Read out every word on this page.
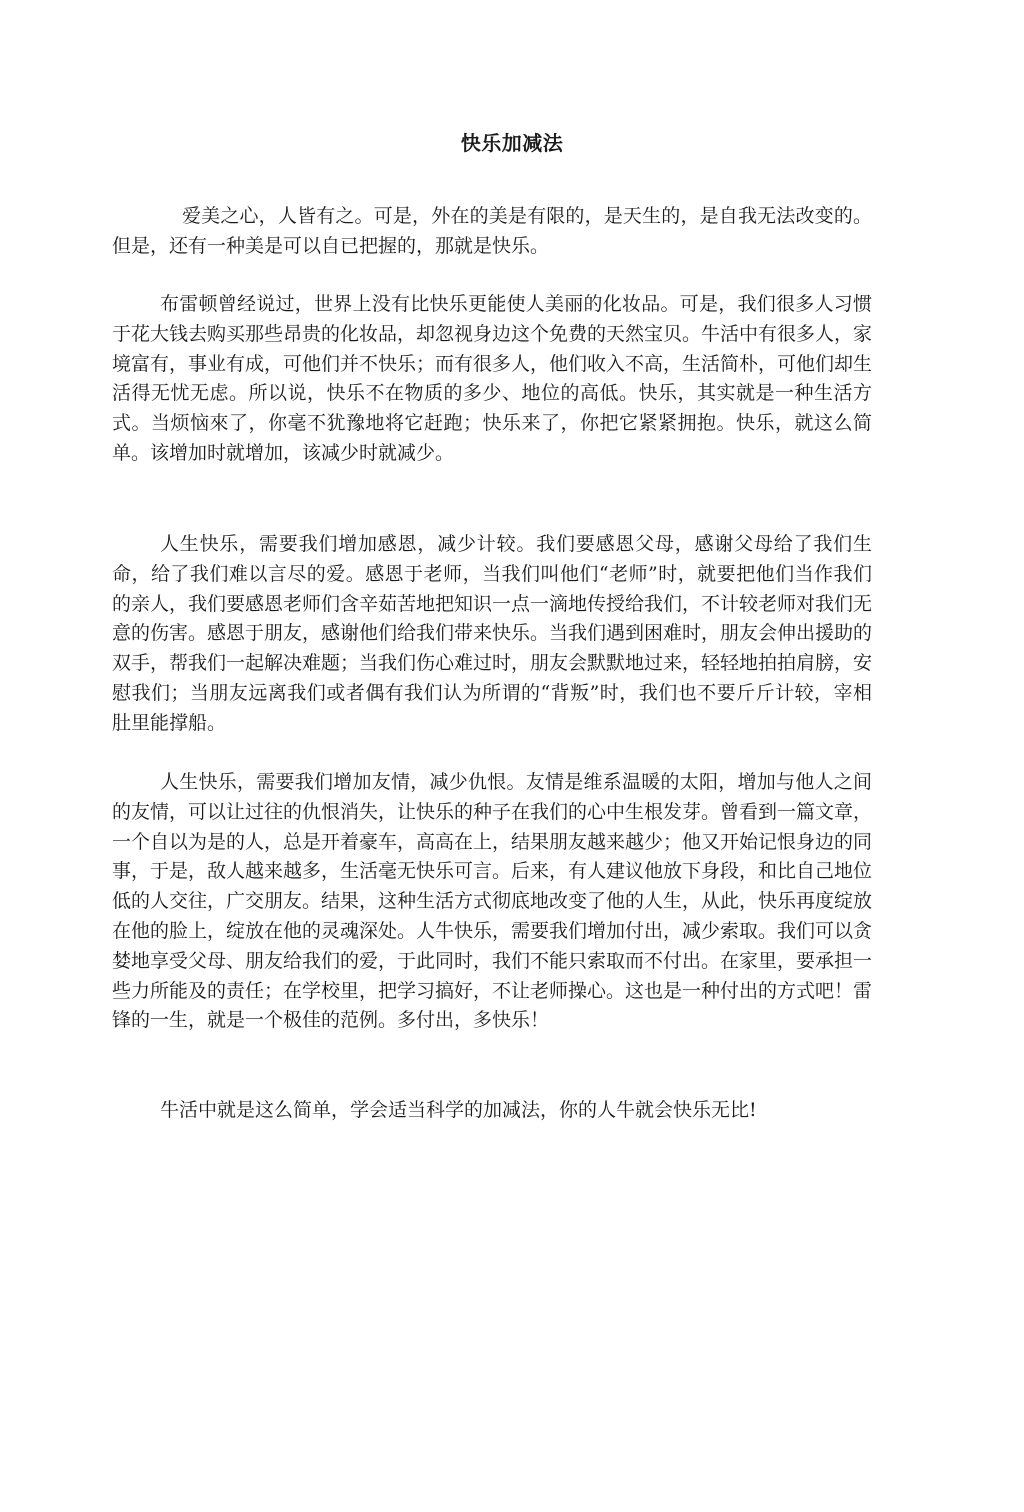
快乐加减法

爱美之心，人皆有之。可是，外在的美是有限的，是天生的，是自我无法改变的。但是，还有一种美是可以自已把握的，那就是快乐。

布雷顿曾经说过，世界上没有比快乐更能使人美丽的化妆品。可是，我们很多人习惯于花大钱去购买那些昂贵的化妆品，却忽视身边这个免费的天然宝贝。牛活中有很多人，家境富有，事业有成，可他们并不快乐；而有很多人，他们收入不高，生活简朴，可他们却生活得无忧无虑。所以说，快乐不在物质的多少、地位的高低。快乐，其实就是一种生活方式。当烦恼來了，你毫不犹豫地将它赶跑；快乐来了，你把它紧紧拥抱。快乐，就这么简单。该增加时就增加，该减少时就减少。

人生快乐，需要我们增加感恩，减少计较。我们要感恩父母，感谢父母给了我们生命，给了我们难以言尽的爱。感恩于老师，当我们叫他们“老师”时，就要把他们当作我们的亲人，我们要感恩老师们含辛茹苦地把知识一点一滴地传授给我们，不计较老师对我们无意的伤害。感恩于朋友，感谢他们给我们带来快乐。当我们遇到困难时，朋友会伸出援助的双手，帮我们一起解决难题；当我们伤心难过时，朋友会默默地过来，轻轻地拍拍肩膀，安慰我们；当朋友远离我们或者偶有我们认为所谓的“背叛”时，我们也不要斤斤计较，宰相肚里能撑船。

人生快乐，需要我们增加友情，减少仇恨。友情是维系温暖的太阳，增加与他人之间的友情，可以让过往的仇恨消失，让快乐的种子在我们的心中生根发芽。曾看到一篇文章，一个自以为是的人，总是开着豪车，高高在上，结果朋友越来越少；他又开始记恨身边的同事，于是，敌人越来越多，生活毫无快乐可言。后来，有人建议他放下身段，和比自己地位低的人交往，广交朋友。结果，这种生活方式彻底地改变了他的人生，从此，快乐再度绽放在他的脸上，绽放在他的灵魂深处。人牛快乐，需要我们增加付出，减少索取。我们可以贪婪地享受父母、朋友给我们的爱，于此同时，我们不能只索取而不付出。在家里，要承担一些力所能及的责任；在学校里，把学习搞好，不让老师操心。这也是一种付出的方式吧！雷锋的一生，就是一个极佳的范例。多付出，多快乐！

牛活中就是这么简单，学会适当科学的加减法，你的人牛就会快乐无比!
